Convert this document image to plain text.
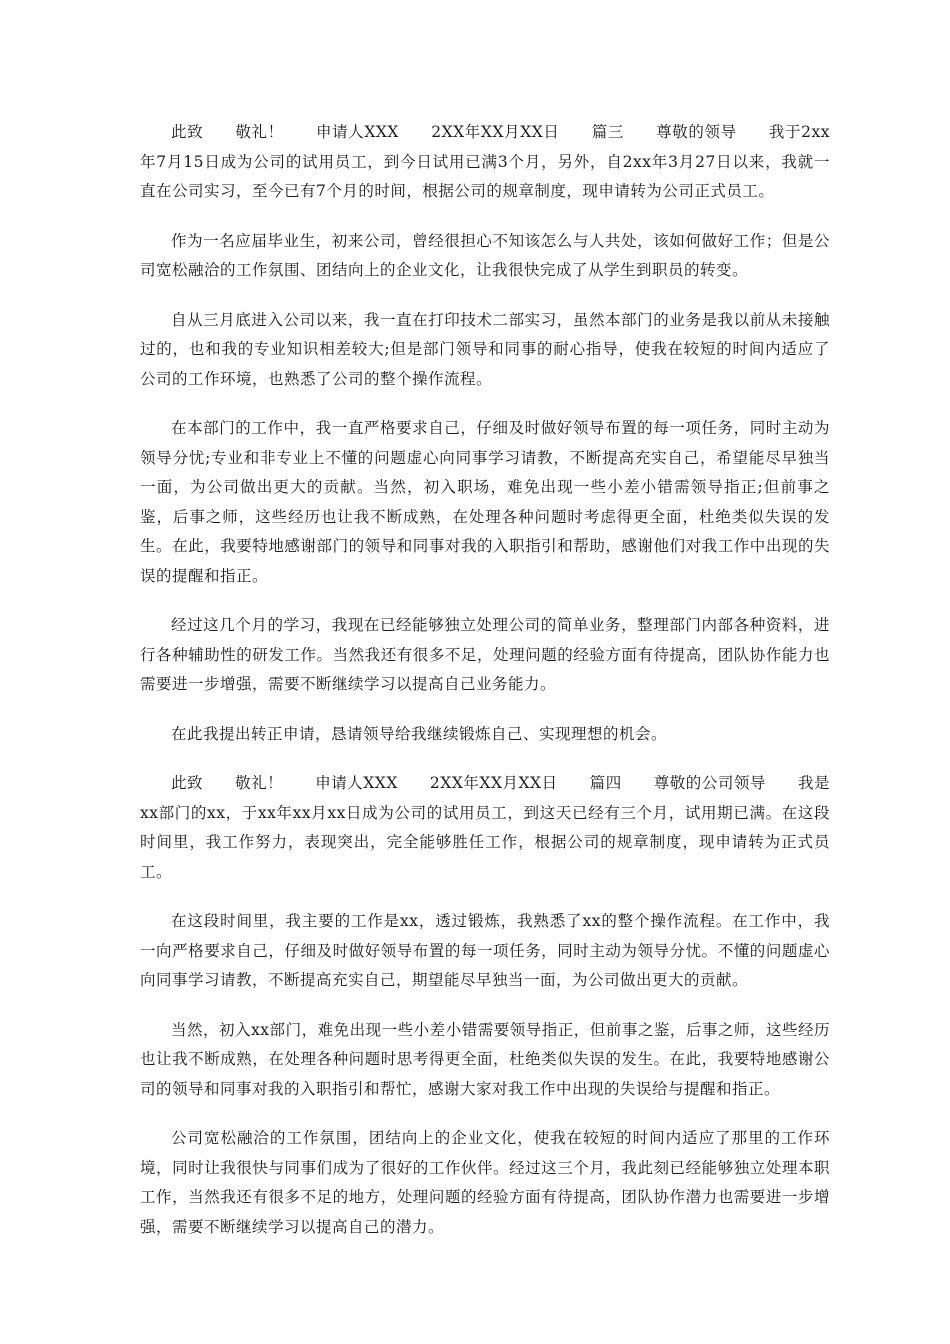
此致　　敬礼！　　申请人XXX　　2XX年XX月XX日　　篇三　　尊敬的领导　　我于2xx年7月15日成为公司的试用员工，到今日试用已满3个月，另外，自2xx年3月27日以来，我就一直在公司实习，至今已有7个月的时间，根据公司的规章制度，现申请转为公司正式员工。

作为一名应届毕业生，初来公司，曾经很担心不知该怎么与人共处，该如何做好工作；但是公司宽松融洽的工作氛围、团结向上的企业文化，让我很快完成了从学生到职员的转变。

自从三月底进入公司以来，我一直在打印技术二部实习，虽然本部门的业务是我以前从未接触过的，也和我的专业知识相差较大;但是部门领导和同事的耐心指导，使我在较短的时间内适应了公司的工作环境，也熟悉了公司的整个操作流程。

在本部门的工作中，我一直严格要求自己，仔细及时做好领导布置的每一项任务，同时主动为领导分忧;专业和非专业上不懂的问题虚心向同事学习请教，不断提高充实自己，希望能尽早独当一面，为公司做出更大的贡献。当然，初入职场，难免出现一些小差小错需领导指正;但前事之鉴，后事之师，这些经历也让我不断成熟，在处理各种问题时考虑得更全面，杜绝类似失误的发生。在此，我要特地感谢部门的领导和同事对我的入职指引和帮助，感谢他们对我工作中出现的失误的提醒和指正。

经过这几个月的学习，我现在已经能够独立处理公司的简单业务，整理部门内部各种资料，进行各种辅助性的研发工作。当然我还有很多不足，处理问题的经验方面有待提高，团队协作能力也需要进一步增强，需要不断继续学习以提高自己业务能力。

在此我提出转正申请，恳请领导给我继续锻炼自己、实现理想的机会。

此致　　敬礼！　　申请人XXX　　2XX年XX月XX日　　篇四　　尊敬的公司领导　　我是xx部门的xx，于xx年xx月xx日成为公司的试用员工，到这天已经有三个月，试用期已满。在这段时间里，我工作努力，表现突出，完全能够胜任工作，根据公司的规章制度，现申请转为正式员工。

在这段时间里，我主要的工作是xx，透过锻炼，我熟悉了xx的整个操作流程。在工作中，我一向严格要求自己，仔细及时做好领导布置的每一项任务，同时主动为领导分忧。不懂的问题虚心向同事学习请教，不断提高充实自己，期望能尽早独当一面，为公司做出更大的贡献。

当然，初入xx部门，难免出现一些小差小错需要领导指正，但前事之鉴，后事之师，这些经历也让我不断成熟，在处理各种问题时思考得更全面，杜绝类似失误的发生。在此，我要特地感谢公司的领导和同事对我的入职指引和帮忙，感谢大家对我工作中出现的失误给与提醒和指正。

公司宽松融洽的工作氛围，团结向上的企业文化，使我在较短的时间内适应了那里的工作环境，同时让我很快与同事们成为了很好的工作伙伴。经过这三个月，我此刻已经能够独立处理本职工作，当然我还有很多不足的地方，处理问题的经验方面有待提高，团队协作潜力也需要进一步增强，需要不断继续学习以提高自己的潜力。
